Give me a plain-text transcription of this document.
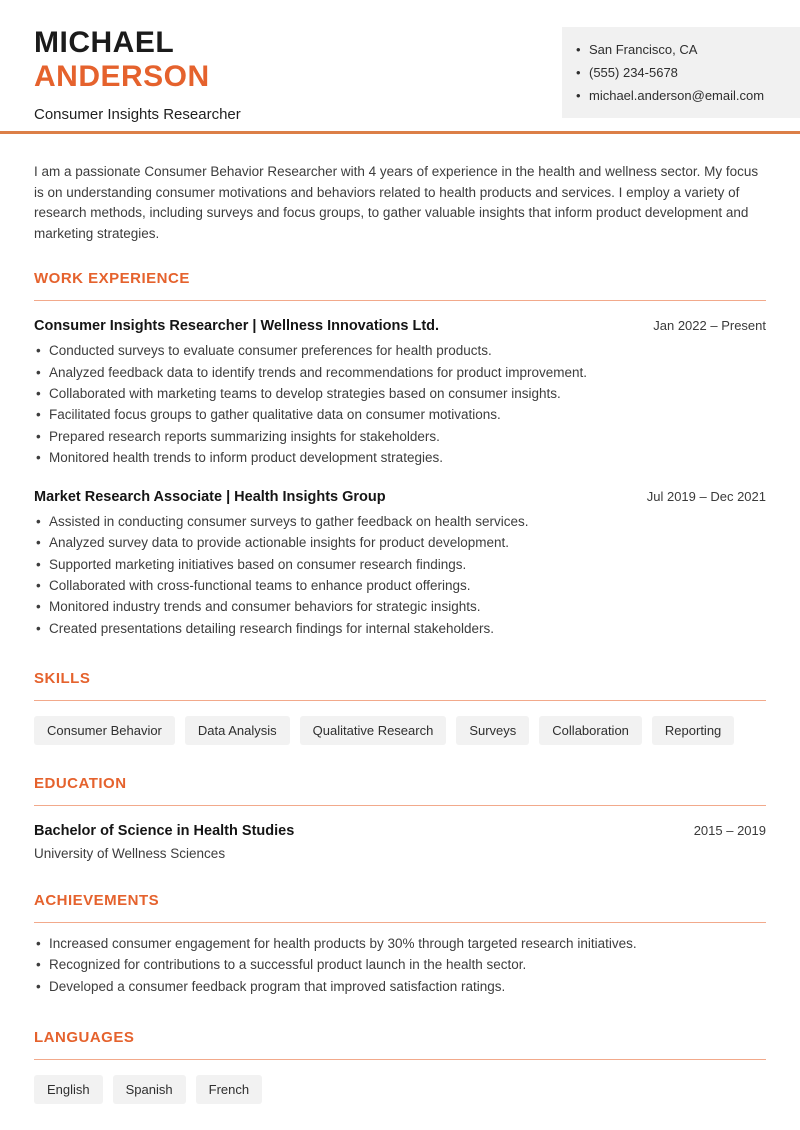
MICHAEL
ANDERSON
Consumer Insights Researcher
• San Francisco, CA
• (555) 234-5678
• michael.anderson@email.com

I am a passionate Consumer Behavior Researcher with 4 years of experience in the health and wellness sector. My focus is on understanding consumer motivations and behaviors related to health products and services. I employ a variety of research methods, including surveys and focus groups, to gather valuable insights that inform product development and marketing strategies.

WORK EXPERIENCE
Consumer Insights Researcher | Wellness Innovations Ltd.	Jan 2022 – Present
• Conducted surveys to evaluate consumer preferences for health products.
• Analyzed feedback data to identify trends and recommendations for product improvement.
• Collaborated with marketing teams to develop strategies based on consumer insights.
• Facilitated focus groups to gather qualitative data on consumer motivations.
• Prepared research reports summarizing insights for stakeholders.
• Monitored health trends to inform product development strategies.
Market Research Associate | Health Insights Group	Jul 2019 – Dec 2021
• Assisted in conducting consumer surveys to gather feedback on health services.
• Analyzed survey data to provide actionable insights for product development.
• Supported marketing initiatives based on consumer research findings.
• Collaborated with cross-functional teams to enhance product offerings.
• Monitored industry trends and consumer behaviors for strategic insights.
• Created presentations detailing research findings for internal stakeholders.
SKILLS
Consumer Behavior	Data Analysis	Qualitative Research	Surveys	Collaboration	Reporting
EDUCATION
Bachelor of Science in Health Studies	2015 – 2019
University of Wellness Sciences
ACHIEVEMENTS
• Increased consumer engagement for health products by 30% through targeted research initiatives.
• Recognized for contributions to a successful product launch in the health sector.
• Developed a consumer feedback program that improved satisfaction ratings.
LANGUAGES
English	Spanish	French
